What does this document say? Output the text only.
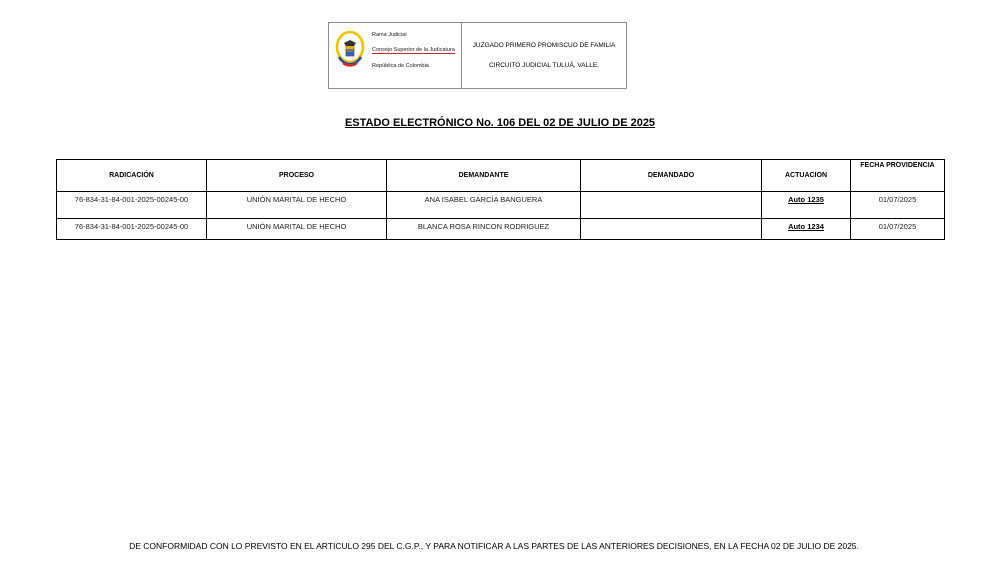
Rama Judicial
Consejo Superior de la Judicatura
República de Colombia
JUZGADO PRIMERO PROMISCUO DE FAMILIA
CIRCUITO JUDICIAL TULUÁ, VALLE.
ESTADO ELECTRÓNICO No. 106 DEL 02 DE JULIO DE 2025
RADICACIÓN	PROCESO	DEMANDANTE	DEMANDADO	ACTUACION	FECHA PROVIDENCIA
76-834-31-84-001-2025-00245-00	UNIÓN MARITAL DE HECHO	ANA ISABEL GARCÍA BANGUERA		Auto 1235	01/07/2025
76-834-31-84-001-2025-00245-00	UNIÓN MARITAL DE HECHO	BLANCA ROSA RINCON RODRIGUEZ		Auto 1234	01/07/2025
DE CONFORMIDAD CON LO PREVISTO EN EL ARTICULO 295 DEL C.G.P., Y PARA NOTIFICAR A LAS PARTES DE LAS ANTERIORES DECISIONES, EN LA FECHA 02 DE JULIO DE 2025.
